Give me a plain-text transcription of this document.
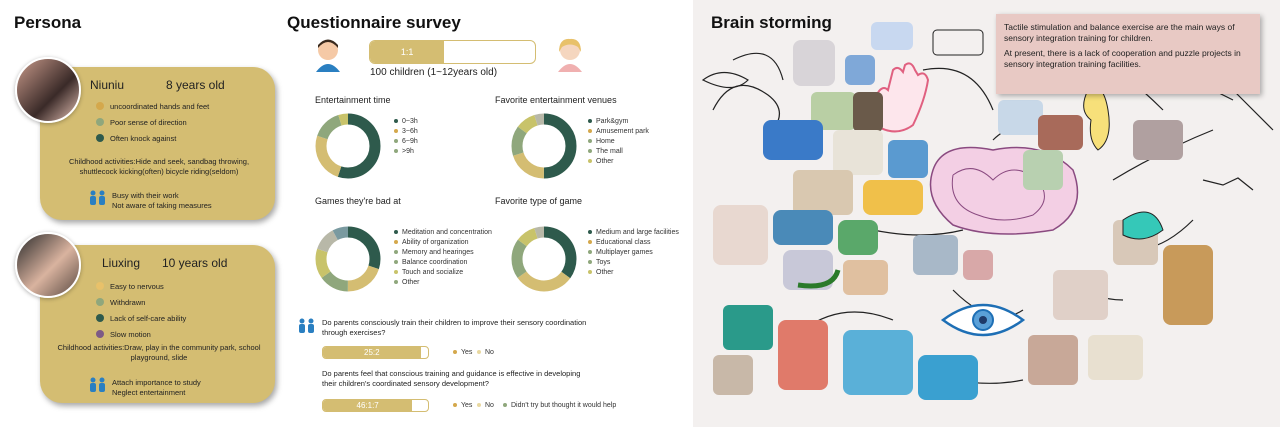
Persona
Niuniu	8 years old
uncoordinated hands and feet
Poor sense of direction
Often knock against
Childhood activities:Hide and seek, sandbag throwing, shuttlecock kicking(often) bicycle riding(seldom)
Busy with their work
Not aware of taking measures
Liuxing 10 years old
Easy to nervous
Withdrawn
Lack of self-care ability
Slow motion
Childhood activities:Draw, play in the community park, school playground, slide
Attach importance to study
Neglect entertainment
Questionnaire survey
1:1
100 children (1~12years old)
Entertainment time
0~3h
3~6h
6~9h
>9h
Favorite entertainment venues
Park&gym
Amusement park
Home
The mall
Other
Games they're bad at
Meditation and concentration
Ability of organization
Memory and hearinges
Balance coordination
Touch and socialize
Other
Favorite type of game
Medium and large facilities
Educational class
Multiplayer games
Toys
Other
Do parents consciously train their children to improve their sensory coordination through exercises?
25:2	Yes No
Do parents feel that conscious training and guidance is effective in developing their children's coordinated sensory development?
46:1:7	Yes No Didn't try but thought it would help
Brain storming	Tactile stimulation and balance exercise are the main ways of sensory integration training for children.
At present, there is a lack of cooperation and puzzle projects in sensory integration training facilities.
